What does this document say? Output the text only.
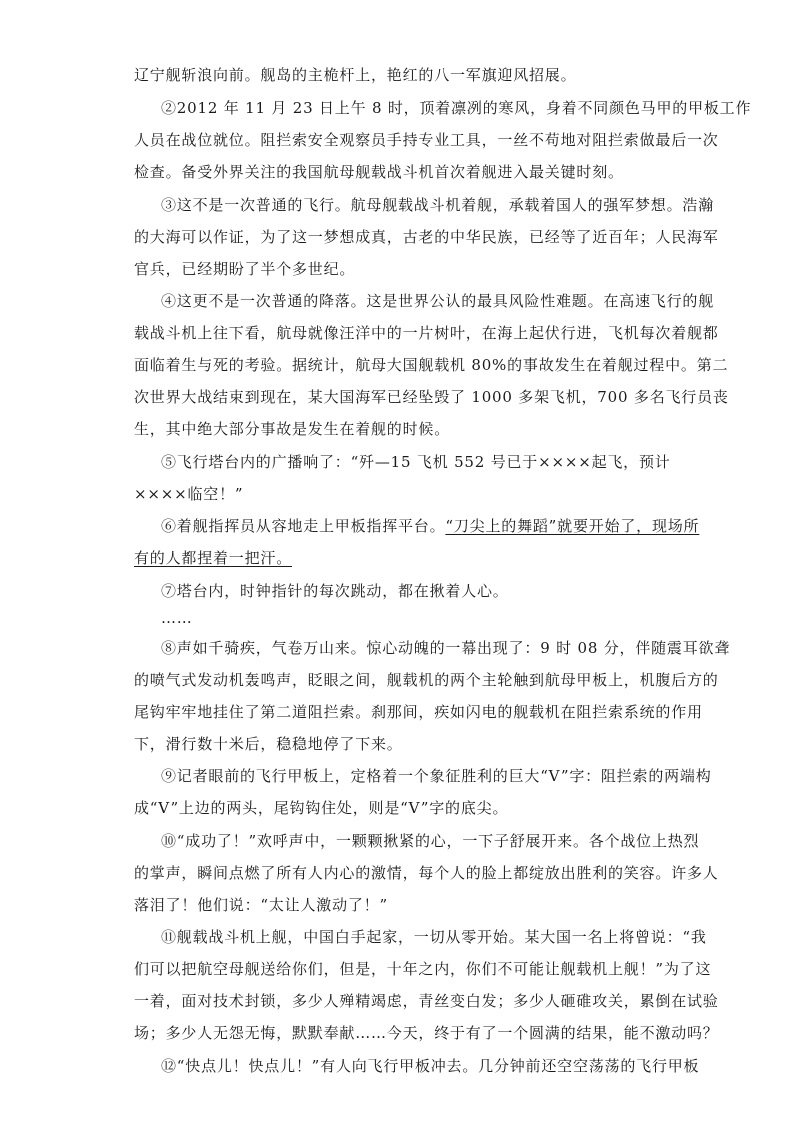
辽宁舰斩浪向前。舰岛的主桅杆上，艳红的八一军旗迎风招展。
②2012 年 11 月 23 日上午 8 时，顶着凛冽的寒风，身着不同颜色马甲的甲板工作
人员在战位就位。阻拦索安全观察员手持专业工具，一丝不苟地对阻拦索做最后一次
检查。备受外界关注的我国航母舰载战斗机首次着舰进入最关键时刻。
③这不是一次普通的飞行。航母舰载战斗机着舰，承载着国人的强军梦想。浩瀚
的大海可以作证，为了这一梦想成真，古老的中华民族，已经等了近百年；人民海军
官兵，已经期盼了半个多世纪。
④这更不是一次普通的降落。这是世界公认的最具风险性难题。在高速飞行的舰
载战斗机上往下看，航母就像汪洋中的一片树叶，在海上起伏行进，飞机每次着舰都
面临着生与死的考验。据统计，航母大国舰载机 80%的事故发生在着舰过程中。第二
次世界大战结束到现在，某大国海军已经坠毁了 1000 多架飞机，700 多名飞行员丧
生，其中绝大部分事故是发生在着舰的时候。
⑤飞行塔台内的广播响了：“歼—15 飞机 552 号已于××××起飞，预计
××××临空！”
⑥着舰指挥员从容地走上甲板指挥平台。“刀尖上的舞蹈”就要开始了，现场所
有的人都捏着一把汗。
⑦塔台内，时钟指针的每次跳动，都在揪着人心。
……
⑧声如千骑疾，气卷万山来。惊心动魄的一幕出现了：9 时 08 分，伴随震耳欲聋
的喷气式发动机轰鸣声，眨眼之间，舰载机的两个主轮触到航母甲板上，机腹后方的
尾钩牢牢地挂住了第二道阻拦索。刹那间，疾如闪电的舰载机在阻拦索系统的作用
下，滑行数十米后，稳稳地停了下来。
⑨记者眼前的飞行甲板上，定格着一个象征胜利的巨大“V”字：阻拦索的两端构
成“V”上边的两头，尾钩钩住处，则是“V”字的底尖。
⑩“成功了！”欢呼声中，一颗颗揪紧的心，一下子舒展开来。各个战位上热烈
的掌声，瞬间点燃了所有人内心的激情，每个人的脸上都绽放出胜利的笑容。许多人
落泪了！他们说：“太让人激动了！”
⑪舰载战斗机上舰，中国白手起家，一切从零开始。某大国一名上将曾说：“我
们可以把航空母舰送给你们，但是，十年之内，你们不可能让舰载机上舰！”为了这
一着，面对技术封锁，多少人殚精竭虑，青丝变白发；多少人砸碓攻关，累倒在试验
场；多少人无怨无悔，默默奉献……今天，终于有了一个圆满的结果，能不激动吗？
⑫“快点儿！快点儿！”有人向飞行甲板冲去。几分钟前还空空荡荡的飞行甲板
